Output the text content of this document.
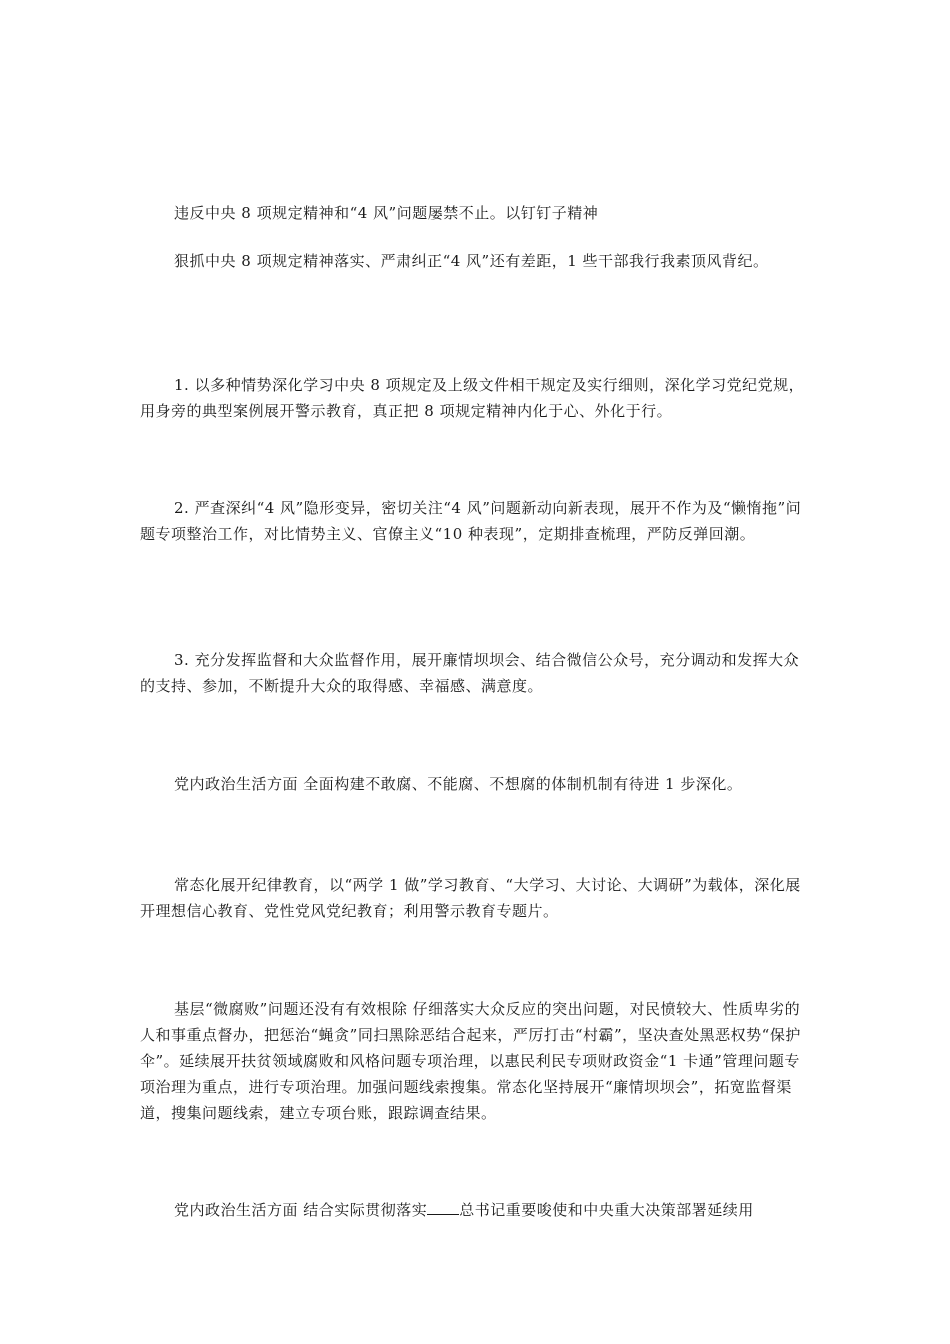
违反中央 8 项规定精神和“4 风”问题屡禁不止。以钉钉子精神

狠抓中央 8 项规定精神落实、严肃纠正“4 风”还有差距，1 些干部我行我素顶风背纪。

1. 以多种情势深化学习中央 8 项规定及上级文件相干规定及实行细则，深化学习党纪党规，用身旁的典型案例展开警示教育，真正把 8 项规定精神内化于心、外化于行。

2. 严查深纠“4 风”隐形变异，密切关注“4 风”问题新动向新表现，展开不作为及“懒惰拖”问题专项整治工作，对比情势主义、官僚主义“10 种表现”，定期排查梳理，严防反弹回潮。

3. 充分发挥监督和大众监督作用，展开廉情坝坝会、结合微信公众号，充分调动和发挥大众的支持、参加，不断提升大众的取得感、幸福感、满意度。

党内政治生活方面 全面构建不敢腐、不能腐、不想腐的体制机制有待进 1 步深化。

常态化展开纪律教育，以“两学 1 做”学习教育、“大学习、大讨论、大调研”为载体，深化展开理想信心教育、党性党风党纪教育；利用警示教育专题片。

基层“微腐败”问题还没有有效根除 仔细落实大众反应的突出问题，对民愤较大、性质卑劣的人和事重点督办，把惩治“蝇贪”同扫黑除恶结合起来，严厉打击“村霸”，坚决查处黑恶权势“保护伞”。延续展开扶贫领域腐败和风格问题专项治理，以惠民利民专项财政资金“1 卡通”管理问题专项治理为重点，进行专项治理。加强问题线索搜集。常态化坚持展开“廉情坝坝会”，拓宽监督渠道，搜集问题线索，建立专项台账，跟踪调查结果。

党内政治生活方面 结合实际贯彻落实 总书记重要唆使和中央重大决策部署延续用
